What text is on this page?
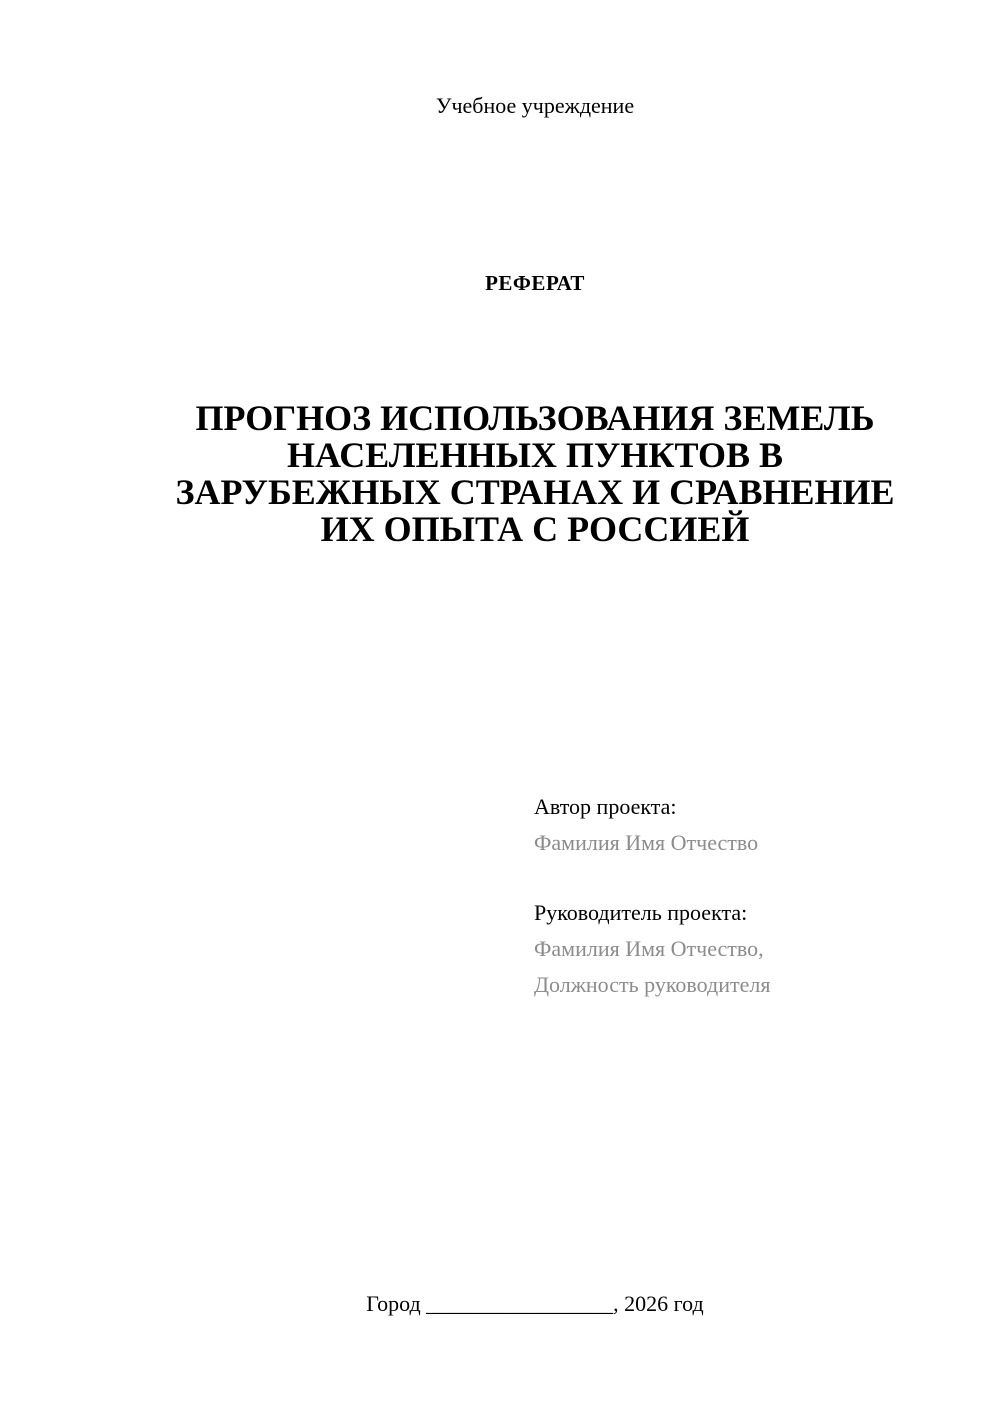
Учебное учреждение
РЕФЕРАТ
ПРОГНОЗ ИСПОЛЬЗОВАНИЯ ЗЕМЕЛЬ
НАСЕЛЕННЫХ ПУНКТОВ В
ЗАРУБЕЖНЫХ СТРАНАХ И СРАВНЕНИЕ
ИХ ОПЫТА С РОССИЕЙ
Автор проекта:
Фамилия Имя Отчество
Руководитель проекта:
Фамилия Имя Отчество,
Должность руководителя
Город _________________, 2026 год
